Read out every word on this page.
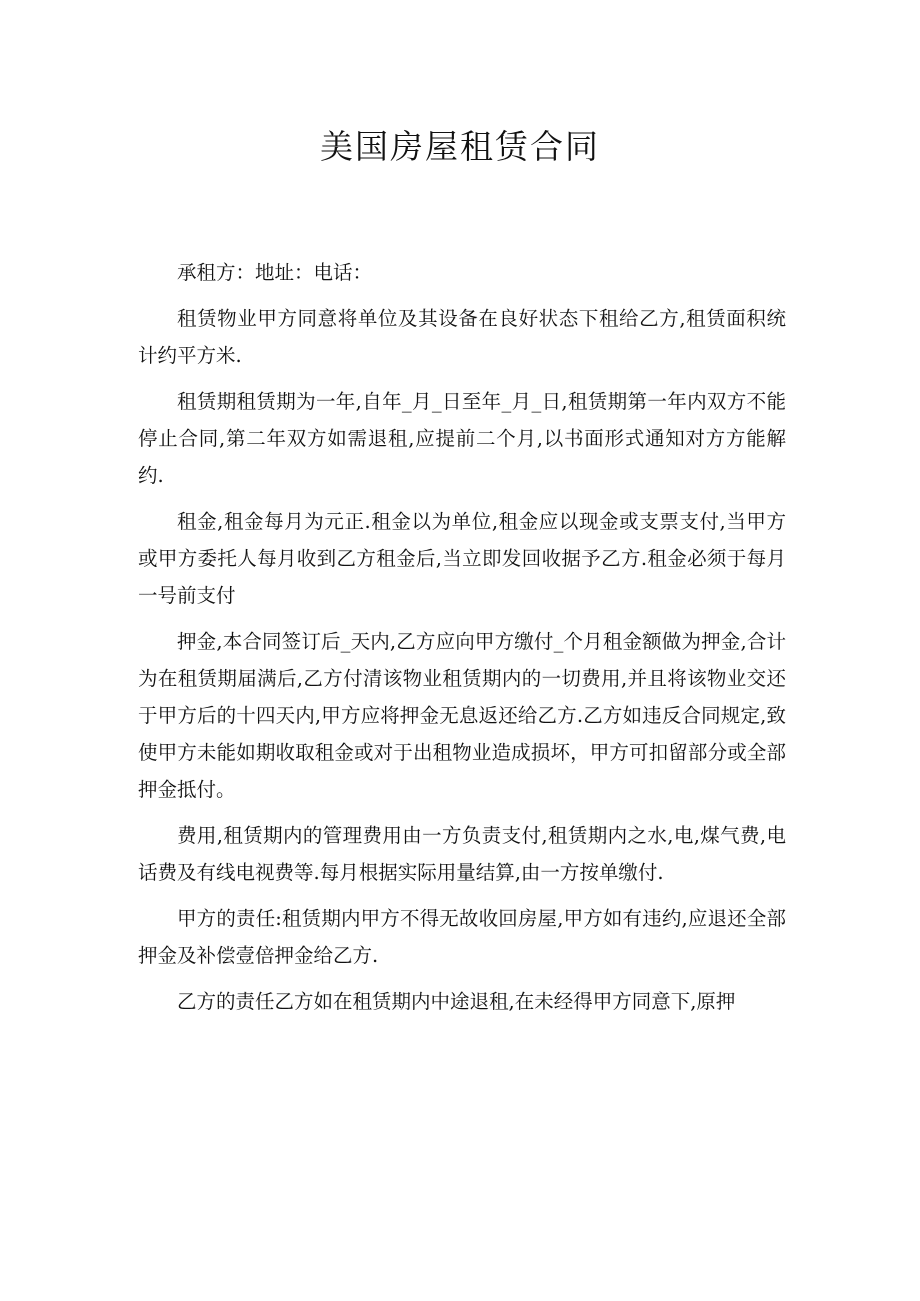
美国房屋租赁合同

承租方：地址：电话：

租赁物业甲方同意将单位及其设备在良好状态下租给乙方,租赁面积统计约平方米.

租赁期租赁期为一年,自年_月_日至年_月_日,租赁期第一年内双方不能停止合同,第二年双方如需退租,应提前二个月,以书面形式通知对方方能解约.

租金,租金每月为元正.租金以为单位,租金应以现金或支票支付,当甲方或甲方委托人每月收到乙方租金后,当立即发回收据予乙方.租金必须于每月一号前支付

押金,本合同签订后_天内,乙方应向甲方缴付_个月租金额做为押金,合计为在租赁期届满后,乙方付清该物业租赁期内的一切费用,并且将该物业交还于甲方后的十四天内,甲方应将押金无息返还给乙方.乙方如违反合同规定,致使甲方未能如期收取租金或对于出租物业造成损坏，甲方可扣留部分或全部押金抵付。

费用,租赁期内的管理费用由一方负责支付,租赁期内之水,电,煤气费,电话费及有线电视费等.每月根据实际用量结算,由一方按单缴付.

甲方的责任:租赁期内甲方不得无故收回房屋,甲方如有违约,应退还全部押金及补偿壹倍押金给乙方.

乙方的责任乙方如在租赁期内中途退租,在未经得甲方同意下,原押
